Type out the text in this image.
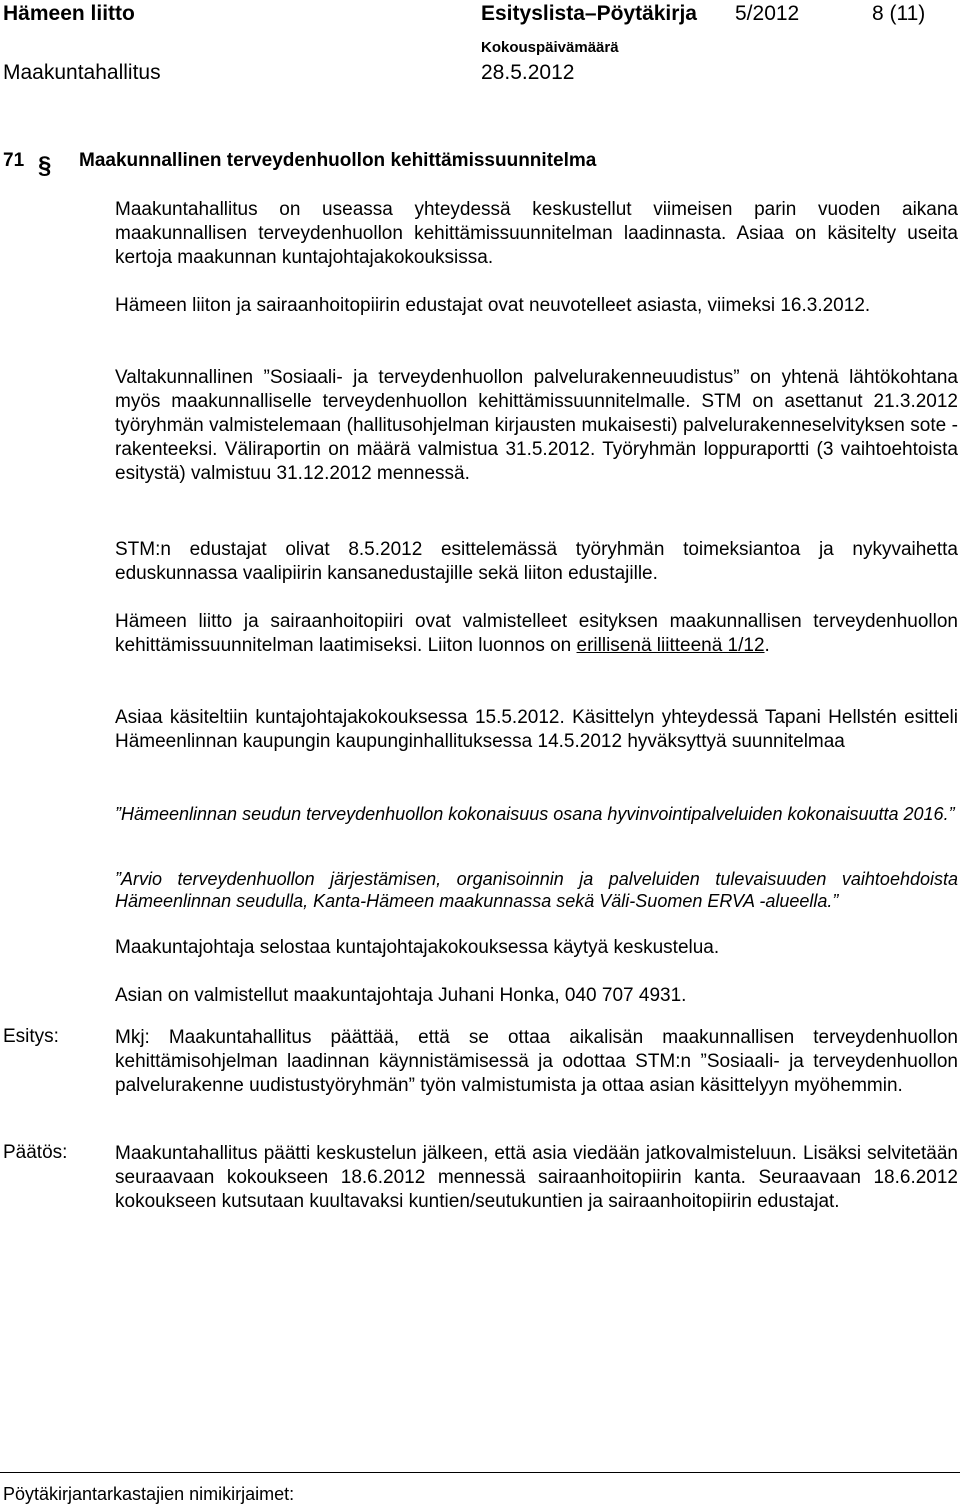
Hämeen liitto	Esityslista–Pöytäkirja 5/2012	8 (11)
Kokouspäivämäärä
Maakuntahallitus	28.5.2012
71 § Maakunnallinen terveydenhuollon kehittämissuunnitelma

Maakuntahallitus on useassa yhteydessä keskustellut viimeisen parin vuoden aikana maakunnallisen terveydenhuollon kehittämissuunnitelman laadinnasta. Asiaa on käsitelty useita kertoja maakunnan kuntajohtajakokouksissa.

Hämeen liiton ja sairaanhoitopiirin edustajat ovat neuvotelleet asiasta, viimeksi 16.3.2012.

Valtakunnallinen ”Sosiaali- ja terveydenhuollon palvelurakenneuudistus” on yhtenä lähtökohtana myös maakunnalliselle terveydenhuollon kehittämissuunnitelmalle. STM on asettanut 21.3.2012 työryhmän valmistelemaan (hallitusohjelman kirjausten mukaisesti) palvelurakenneselvityksen sote -rakenteeksi. Väliraportin on määrä valmistua 31.5.2012. Työryhmän loppuraportti (3 vaihtoehtoista esitystä) valmistuu 31.12.2012 mennessä.

STM:n edustajat olivat 8.5.2012 esittelemässä työryhmän toimeksiantoa ja nykyvaihetta eduskunnassa vaalipiirin kansanedustajille sekä liiton edustajille.

Hämeen liitto ja sairaanhoitopiiri ovat valmistelleet esityksen maakunnallisen terveydenhuollon kehittämissuunnitelman laatimiseksi. Liiton luonnos on erillisenä liitteenä 1/12.

Asiaa käsiteltiin kuntajohtajakokouksessa 15.5.2012. Käsittelyn yhteydessä Tapani Hellstén esitteli Hämeenlinnan kaupungin kaupunginhallituksessa 14.5.2012 hyväksyttyä suunnitelmaa

”Hämeenlinnan seudun terveydenhuollon kokonaisuus osana hyvinvointipalveluiden kokonaisuutta 2016.”

”Arvio terveydenhuollon järjestämisen, organisoinnin ja palveluiden tulevaisuuden vaihtoehdoista Hämeenlinnan seudulla, Kanta-Hämeen maakunnassa sekä Väli-Suomen ERVA -alueella.”

Maakuntajohtaja selostaa kuntajohtajakokouksessa käytyä keskustelua.

Asian on valmistellut maakuntajohtaja Juhani Honka, 040 707 4931.

Esitys:	Mkj: Maakuntahallitus päättää, että se ottaa aikalisän maakunnallisen terveydenhuollon kehittämisohjelman laadinnan käynnistämisessä ja odottaa STM:n ”Sosiaali- ja terveydenhuollon palvelurakenne uudistustyöryhmän” työn valmistumista ja ottaa asian käsittelyyn myöhemmin.

Päätös:	Maakuntahallitus päätti keskustelun jälkeen, että asia viedään jatkovalmisteluun. Lisäksi selvitetään seuraavaan kokoukseen 18.6.2012 mennessä sairaanhoitopiirin kanta. Seuraavaan 18.6.2012 kokoukseen kutsutaan kuultavaksi kuntien/seutukuntien ja sairaanhoitopiirin edustajat.

Pöytäkirjantarkastajien nimikirjaimet:
